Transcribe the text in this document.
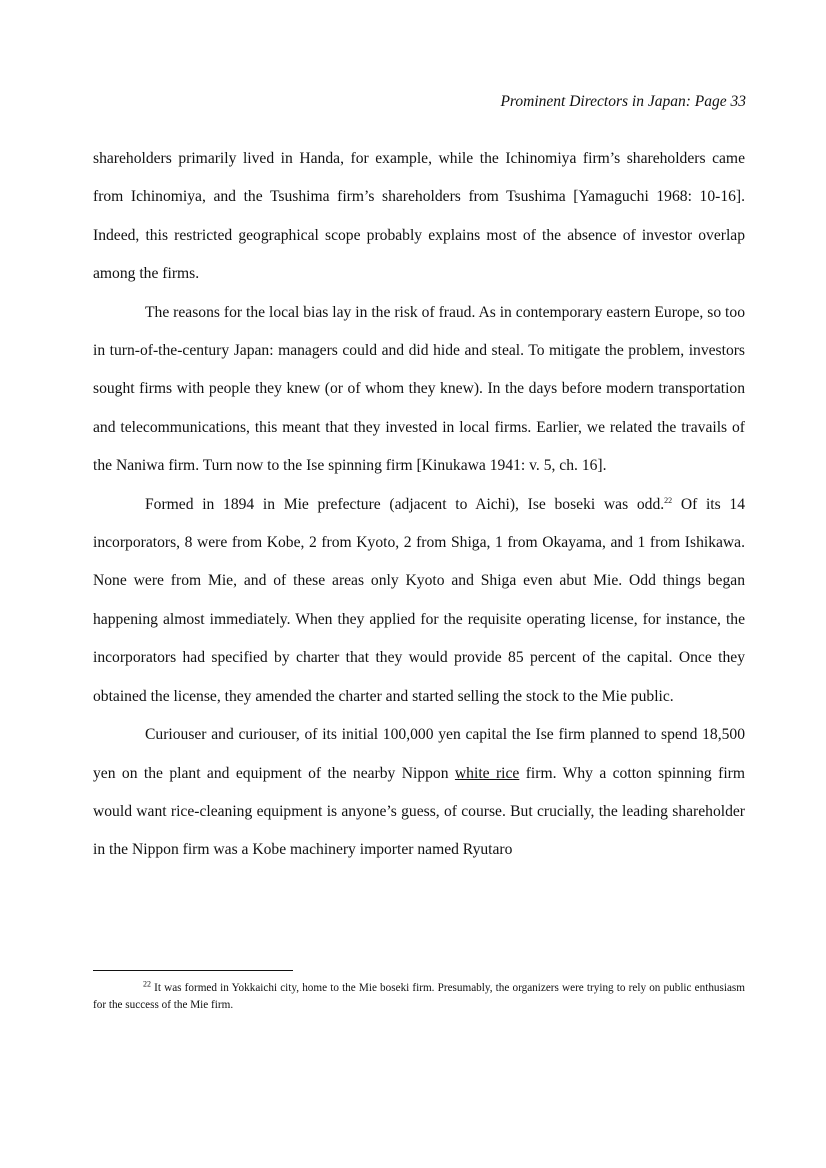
Prominent Directors in Japan: Page 33

shareholders primarily lived in Handa, for example, while the Ichinomiya firm’s shareholders came from Ichinomiya, and the Tsushima firm’s shareholders from Tsushima [Yamaguchi 1968: 10-16]. Indeed, this restricted geographical scope probably explains most of the absence of investor overlap among the firms.

The reasons for the local bias lay in the risk of fraud. As in contemporary eastern Europe, so too in turn-of-the-century Japan: managers could and did hide and steal. To mitigate the problem, investors sought firms with people they knew (or of whom they knew). In the days before modern transportation and telecommunications, this meant that they invested in local firms. Earlier, we related the travails of the Naniwa firm. Turn now to the Ise spinning firm [Kinukawa 1941: v. 5, ch. 16].

Formed in 1894 in Mie prefecture (adjacent to Aichi), Ise boseki was odd.$^{22}$ Of its 14 incorporators, 8 were from Kobe, 2 from Kyoto, 2 from Shiga, 1 from Okayama, and 1 from Ishikawa. None were from Mie, and of these areas only Kyoto and Shiga even abut Mie. Odd things began happening almost immediately. When they applied for the requisite operating license, for instance, the incorporators had specified by charter that they would provide 85 percent of the capital. Once they obtained the license, they amended the charter and started selling the stock to the Mie public.

Curiouser and curiouser, of its initial 100,000 yen capital the Ise firm planned to spend 18,500 yen on the plant and equipment of the nearby Nippon white rice firm. Why a cotton spinning firm would want rice-cleaning equipment is anyone’s guess, of course. But crucially, the leading shareholder in the Nippon firm was a Kobe machinery importer named Ryutaro

$^{22}$ It was formed in Yokkaichi city, home to the Mie boseki firm. Presumably, the organizers were trying to rely on public enthusiasm for the success of the Mie firm.
